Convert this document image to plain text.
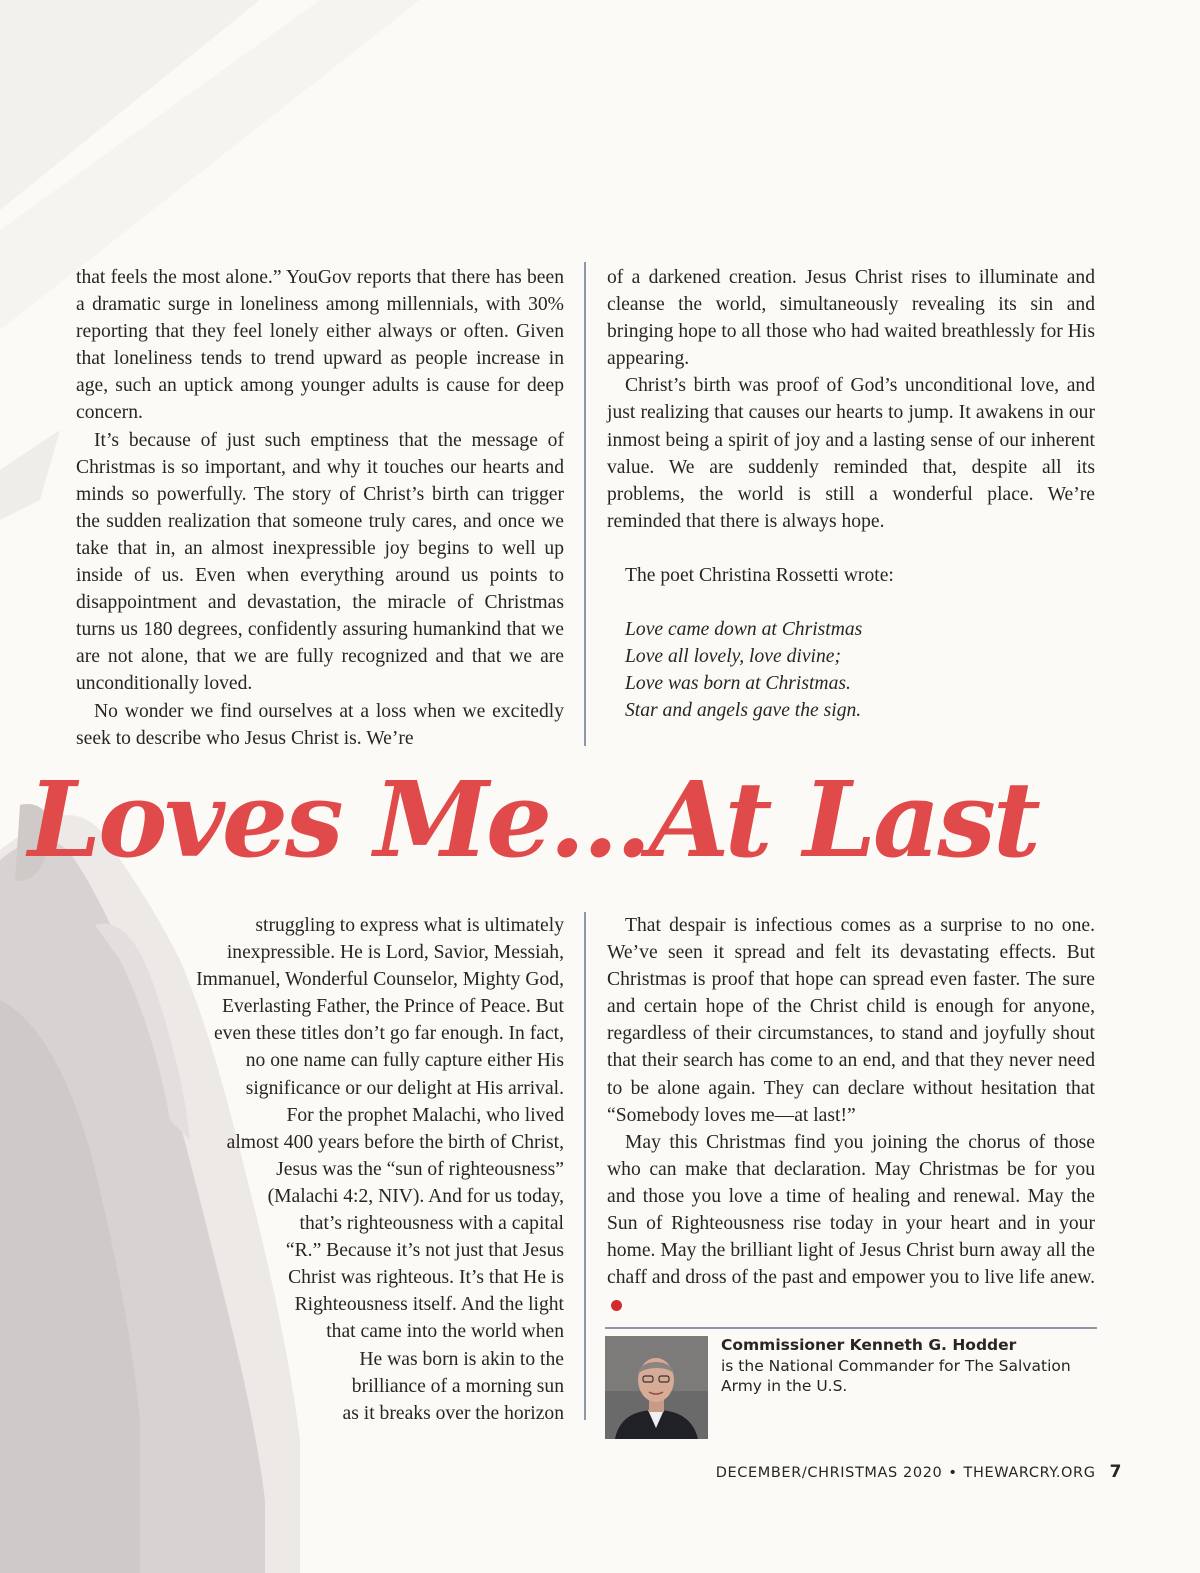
that feels the most alone.” YouGov reports that there has been a dramatic surge in loneliness among millennials, with 30% reporting that they feel lonely either always or often. Given that loneliness tends to trend upward as people increase in age, such an uptick among younger adults is cause for deep concern.

It’s because of just such emptiness that the message of Christmas is so important, and why it touches our hearts and minds so powerfully. The story of Christ’s birth can trigger the sudden realization that someone truly cares, and once we take that in, an almost inexpressible joy begins to well up inside of us. Even when everything around us points to disappointment and devastation, the miracle of Christmas turns us 180 degrees, confidently assuring humankind that we are not alone, that we are fully recognized and that we are unconditionally loved.

No wonder we find ourselves at a loss when we excitedly seek to describe who Jesus Christ is. We’re

of a darkened creation. Jesus Christ rises to illuminate and cleanse the world, simultaneously revealing its sin and bringing hope to all those who had waited breathlessly for His appearing.

Christ’s birth was proof of God’s unconditional love, and just realizing that causes our hearts to jump. It awakens in our inmost being a spirit of joy and a lasting sense of our inherent value. We are suddenly reminded that, despite all its problems, the world is still a wonderful place. We’re reminded that there is always hope.

The poet Christina Rossetti wrote:

Love came down at Christmas

Love all lovely, love divine;

Love was born at Christmas.

Star and angels gave the sign.

Loves Me...At Last
struggling to express what is ultimately
inexpressible. He is Lord, Savior, Messiah,
Immanuel, Wonderful Counselor, Mighty God,
Everlasting Father, the Prince of Peace. But
even these titles don’t go far enough. In fact,
no one name can fully capture either His
significance or our delight at His arrival.
For the prophet Malachi, who lived
almost 400 years before the birth of Christ,
Jesus was the “sun of righteousness”
(Malachi 4:2, NIV). And for us today,
that’s righteousness with a capital
“R.” Because it’s not just that Jesus
Christ was righteous. It’s that He is
Righteousness itself. And the light
that came into the world when
He was born is akin to the
brilliance of a morning sun
as it breaks over the horizon

That despair is infectious comes as a surprise to no one. We’ve seen it spread and felt its devastating effects. But Christmas is proof that hope can spread even faster. The sure and certain hope of the Christ child is enough for anyone, regardless of their circumstances, to stand and joyfully shout that their search has come to an end, and that they never need to be alone again. They can declare without hesitation that “Somebody loves me—at last!”

May this Christmas find you joining the chorus of those who can make that declaration. May Christmas be for you and those you love a time of healing and renewal. May the Sun of Righteousness rise today in your heart and in your home. May the brilliant light of Jesus Christ burn away all the chaff and dross of the past and empower you to live life anew.

Commissioner Kenneth G. Hodder
is the National Commander for The Salvation Army in the U.S.
DECEMBER/CHRISTMAS 2020 • THEWARCRY.ORG 7
